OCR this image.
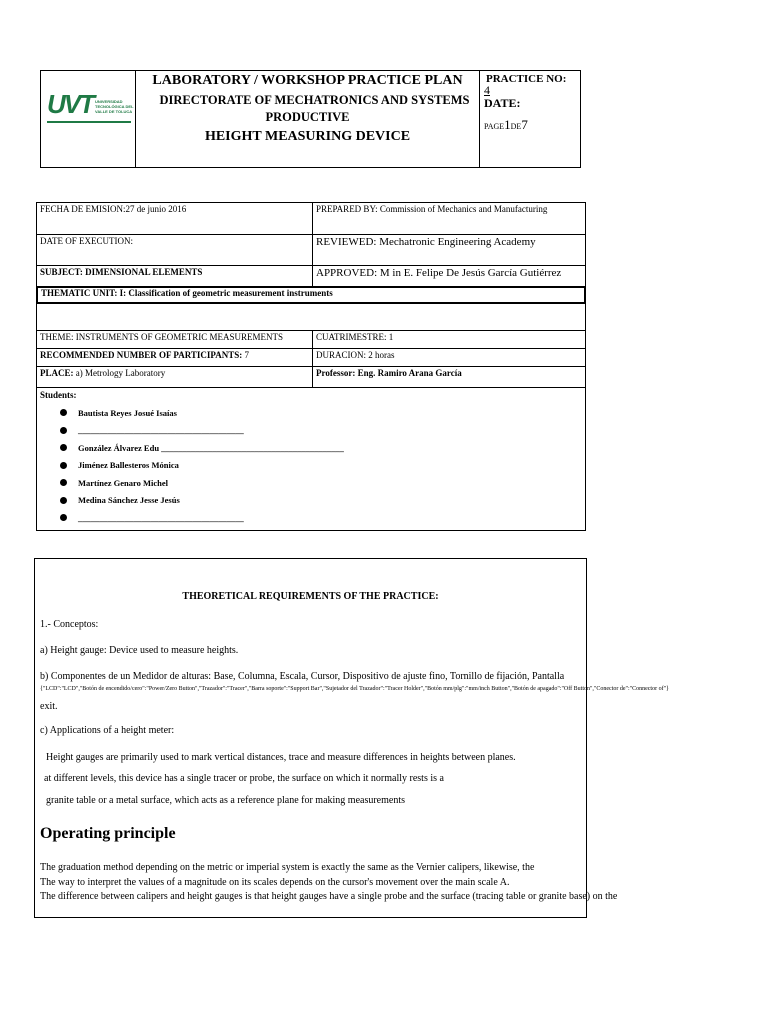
UVT UNIVERSIDAD TECNOLÓGICA DEL VALLE DE TOLUCA
LABORATORY / WORKSHOP PRACTICE PLAN
DIRECTORATE OF MECHATRONICS AND SYSTEMS
PRODUCTIVE
HEIGHT MEASURING DEVICE
PRACTICE NO:
4
DATE:
PAGE1DE7
FECHA DE EMISION:27 de junio 2016	PREPARED BY: Commission of Mechanics and Manufacturing
DATE OF EXECUTION:	REVIEWED: Mechatronic Engineering Academy
SUBJECT: DIMENSIONAL ELEMENTS	APPROVED: M in E. Felipe De Jesús García Gutiérrez
THEMATIC UNIT: I: Classification of geometric measurement instruments
THEME: INSTRUMENTS OF GEOMETRIC MEASUREMENTS	CUATRIMESTRE: 1
RECOMMENDED NUMBER OF PARTICIPANTS: 7	DURACION: 2 horas
PLACE: a) Metrology Laboratory	Professor: Eng. Ramiro Arana García
Students:
Bautista Reyes Josué Isaías
_______________________________________
González Álvarez Edu ___________________________________________
Jiménez Ballesteros Mónica
Martínez Genaro Michel
Medina Sánchez Jesse Jesús
_______________________________________

THEORETICAL REQUIREMENTS OF THE PRACTICE:

1.- Conceptos:

a) Height gauge: Device used to measure heights.

b) Componentes de un Medidor de alturas: Base, Columna, Escala, Cursor, Dispositivo de ajuste fino, Tornillo de fijación, Pantalla

{"LCD":"LCD","Botón de encendido/cero":"Power/Zero Button","Trazador":"Tracer","Barra soporte":"Support Bar","Sujetador del Trazador":"Tracer Holder","Botón mm/plg":"mm/inch Button","Botón de apagado":"Off Button","Conector de":"Connector of"}

exit.

c) Applications of a height meter:

Height gauges are primarily used to mark vertical distances, trace and measure differences in heights between planes.

at different levels, this device has a single tracer or probe, the surface on which it normally rests is a

granite table or a metal surface, which acts as a reference plane for making measurements

Operating principle

The graduation method depending on the metric or imperial system is exactly the same as the Vernier calipers, likewise, the

The way to interpret the values of a magnitude on its scales depends on the cursor's movement over the main scale A.

The difference between calipers and height gauges is that height gauges have a single probe and the surface (tracing table or granite base) on the
